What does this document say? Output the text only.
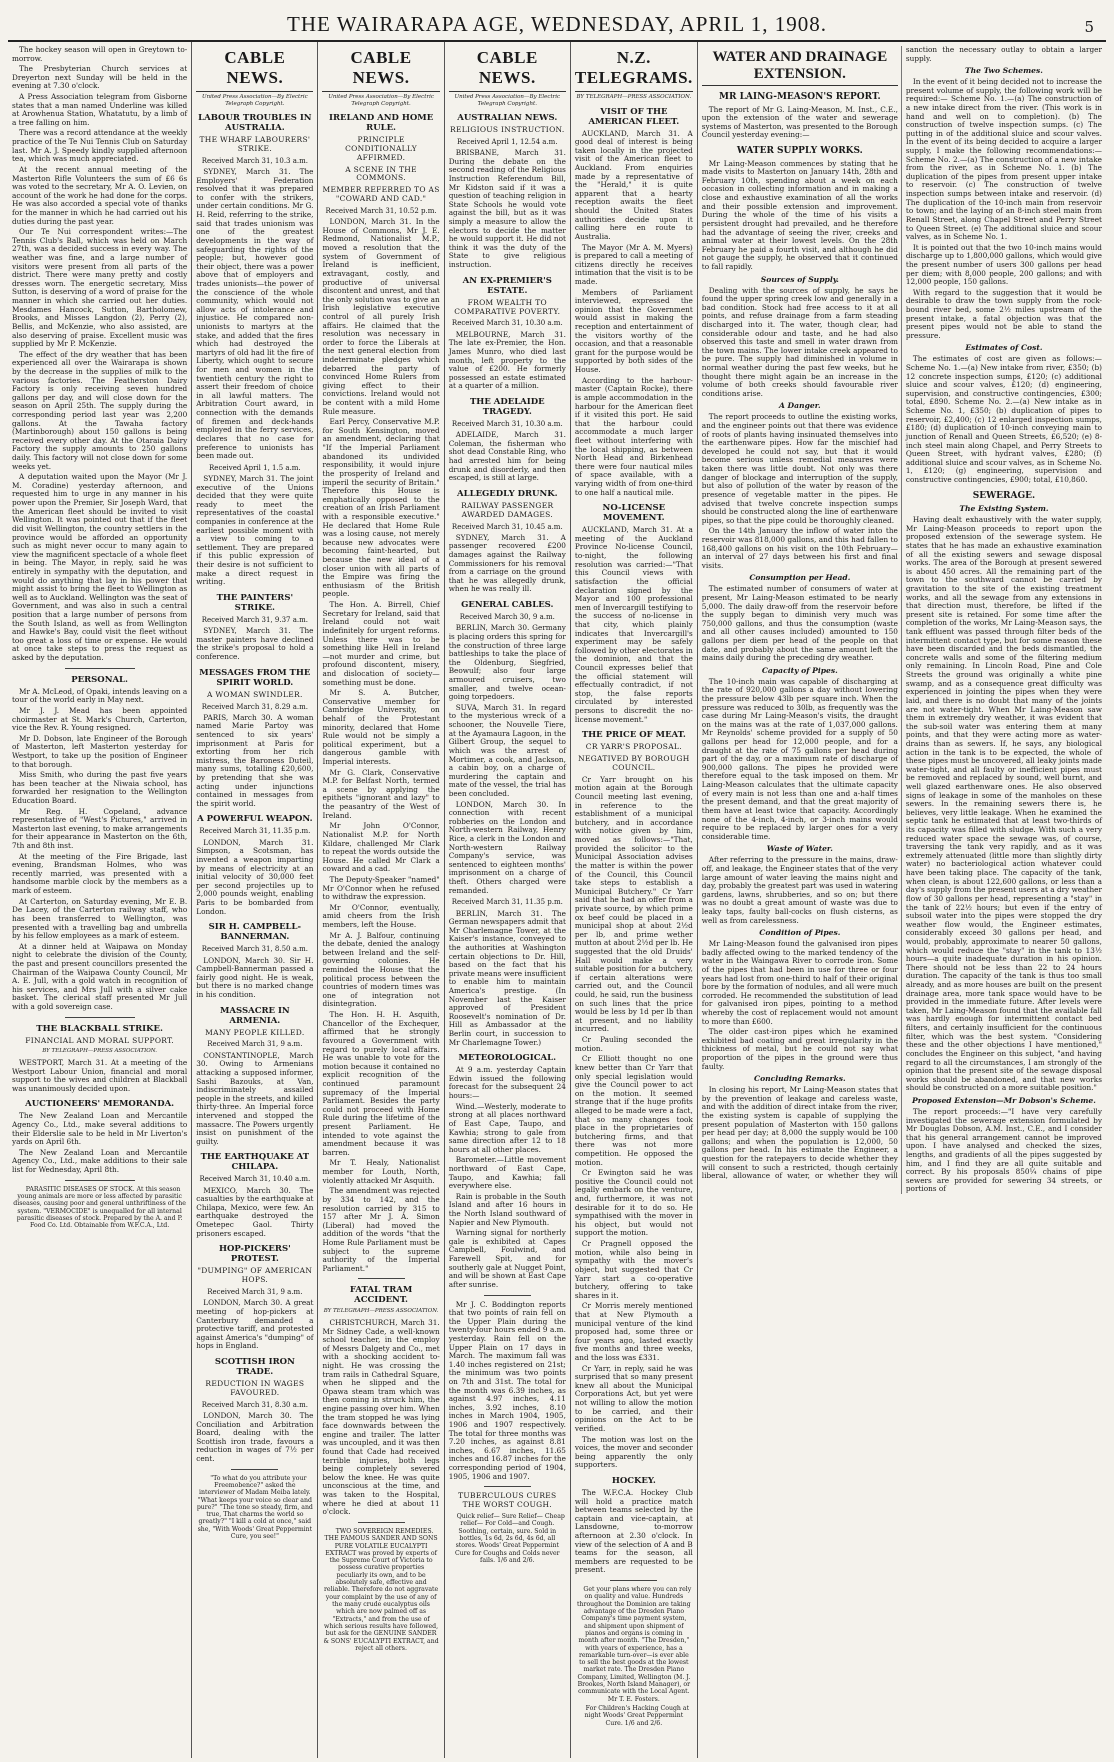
THE WAIRARAPA AGE, WEDNESDAY, APRIL 1, 1908.	5

The hockey season will open in Greytown to-morrow.

The Presbyterian Church services at Dreyerton next Sunday will be held in the evening at 7.30 o'clock.

A Press Association telegram from Gisborne states that a man named Underline was killed at Arowhenua Station, Whatatutu, by a limb of a tree falling on him.

There was a record attendance at the weekly practice of the Te Nui Tennis Club on Saturday last. Mr A. J. Speedy kindly supplied afternoon tea, which was much appreciated.

At the recent annual meeting of the Masterton Rifle Volunteers the sum of £6 6s was voted to the secretary, Mr A. O. Levien, on account of the work he had done for the corps. He was also accorded a special vote of thanks for the manner in which he had carried out his duties during the past year.

Our Te Nui correspondent writes:—The Tennis Club's Ball, which was held on March 27th, was a decided success in every way. The weather was fine, and a large number of visitors were present from all parts of the district. There were many pretty and costly dresses worn. The energetic secretary, Miss Sutton, is deserving of a word of praise for the manner in which she carried out her duties. Mesdames Hancock, Sutton, Bartholomew, Brooks, and Misses Langdon (2), Perry (2), Bellis, and McKenzie, who also assisted, are also deserving of praise. Excellent music was supplied by Mr P. McKenzie.

The effect of the dry weather that has been experienced all over the Wairarapa is shown by the decrease in the supplies of milk to the various factories. The Featherston Dairy Factory is only receiving seven hundred gallons per day, and will close down for the season on April 25th. The supply during the corresponding period last year was 2,200 gallons. At the Tawaha factory (Martinborough) about 150 gallons is being received every other day. At the Otaraia Dairy Factory the supply amounts to 250 gallons daily. This factory will not close down for some weeks yet.

A deputation waited upon the Mayor (Mr J. M. Coradine) yesterday afternoon, and requested him to urge in any manner in his power upon the Premier, Sir Joseph Ward, that the American fleet should be invited to visit Wellington. It was pointed out that if the fleet did visit Wellington, the country settlers in the province would be afforded an opportunity such as might never occur to many again to view the magnificent spectacle of a whole fleet in being. The Mayor, in reply, said he was entirely in sympathy with the deputation, and would do anything that lay in his power that might assist to bring the fleet to Wellington as well as to Auckland. Wellington was the seat of Government, and was also in such a central position that a large number of persons from the South Island, as well as from Wellington and Hawke's Bay, could visit the fleet without too great a loss of time or expense. He would at once take steps to press the request as asked by the deputation.

PERSONAL.

Mr A. McLeod, of Opaki, intends leaving on a tour of the world early in May next.

Mr J. J. Mead has been appointed choirmaster at St. Mark's Church, Carterton, vice the Rev. R. Young resigned.

Mr D. Dobson, late Engineer of the Borough of Masterton, left Masterton yesterday for Westport, to take up the position of Engineer to that borough.

Miss Smith, who during the past five years has been teacher at the Niwaia school, has forwarded her resignation to the Wellington Education Board.

Mr Reg. H. Copeland, advance representative of "West's Pictures," arrived in Masterton last evening, to make arrangements for their appearance in Masterton on the 6th, 7th and 8th inst.

At the meeting of the Fire Brigade, last evening, Brandsman Holmes, who was recently married, was presented with a handsome marble clock by the members as a mark of esteem.

At Carterton, on Saturday evening, Mr E. B. De Lacey, of the Carterton railway staff, who has been transferred to Wellington, was presented with a travelling bag and umbrella by his fellow employees as a mark of esteem.

At a dinner held at Waipawa on Monday night to celebrate the division of the County, the past and present councillors presented the Chairman of the Waipawa County Council, Mr A. E. Jull, with a gold watch in recognition of his services, and Mrs Jull with a silver cake basket. The clerical staff presented Mr Jull with a gold sovereign case.

THE BLACKBALL STRIKE.
FINANCIAL AND MORAL SUPPORT.
BY TELEGRAPH—PRESS ASSOCIATION.

WESTPORT, March 31. At a meeting of the Westport Labour Union, financial and moral support to the wives and children at Blackball was unanimously decided upon.

AUCTIONEERS' MEMORANDA.

The New Zealand Loan and Mercantile Agency Co., Ltd., make several additions to their Elderslie sale to be held in Mr Liverton's yards on April 6th.

The New Zealand Loan and Mercantile Agency Co., Ltd., make additions to their sale list for Wednesday, April 8th.

PARASITIC DISEASES OF STOCK. At this season young animals are more or less affected by parasitic diseases, causing poor and general unthriftiness of the system. "VERMOCIDE" is unequalled for all internal parasitic diseases of stock. Prepared by the A. and P. Food Co. Ltd. Obtainable from W.F.C.A., Ltd.

CABLE NEWS.
United Press Association—By Electric Telegraph Copyright.
LABOUR TROUBLES IN AUSTRALIA.
THE WHARF LABOURERS' STRIKE.
Received March 31, 10.3 a.m.

SYDNEY, March 31. The Employers' Federation resolved that it was prepared to confer with the strikers, under certain conditions. Mr G. H. Reid, referring to the strike, said that trades unionism was one of the greatest developments in the way of safeguarding the rights of the people; but, however good their object, there was a power above that of employers and trades unionists—the power of the conscience of the whole community, which would not allow acts of intolerance and injustice. He compared non-unionists to martyrs at the stake, and added that the fires which had destroyed the martyrs of old had lit the fire of Liberty, which ought to secure for men and women in the twentieth century the right to assert their freedom of choice in all lawful matters. The Arbitration Court award, in connection with the demands of firemen and deck-hands employed in the ferry services, declares that no case for preference to unionists has been made out.

Received April 1, 1.5 a.m.

SYDNEY, March 31. The joint executive of the Unions decided that they were quite ready to meet the representatives of the coastal companies in conference at the earliest possible moment with a view to coming to a settlement. They are prepared if this public expression of their desire is not sufficient to make a direct request in writing.

THE PAINTERS' STRIKE.
Received March 31, 9.37 a.m.

SYDNEY, March 31. The master painters have declined the strike's proposal to hold a conference.

MESSAGES FROM THE SPIRIT WORLD.
A WOMAN SWINDLER.
Received March 31, 8.29 a.m.

PARIS, March 30. A woman named Marie Partoy was sentenced to six years' imprisonment at Paris for extorting from her rich mistress, the Baroness Duteil, many sums, totalling £20,600, by pretending that she was acting under injunctions contained in messages from the spirit world.

A POWERFUL WEAPON.
Received March 31, 11.35 p.m.

LONDON, March 31. Simpson, a Scotsman, has invented a weapon imparting by means of electricity at an initial velocity of 30,000 feet per second projectiles up to 2,000 pounds weight, enabling Paris to be bombarded from London.

SIR H. CAMPBELL-BANNERMAN.
Received March 31, 8.50 a.m.

LONDON, March 30. Sir H. Campbell-Bannerman passed a fairly good night. He is weak, but there is no marked change in his condition.

MASSACRE IN ARMENIA.
MANY PEOPLE KILLED.
Received March 31, 9 a.m.

CONSTANTINOPLE, March 30. Owing to Armenians attacking a supposed informer, Sashi Bazouks, at Van, indiscriminately assailed people in the streets, and killed thirty-three. An Imperial force intervened and stopped the massacre. The Powers urgently insist on punishment of the guilty.

THE EARTHQUAKE AT CHILAPA.
Received March 31, 10.40 a.m.

MEXICO, March 30. The casualties by the earthquake at Chilapa, Mexico, were few. An earthquake destroyed the Ometepec Gaol. Thirty prisoners escaped.

HOP-PICKERS' PROTEST.
"DUMPING" OF AMERICAN HOPS.
Received March 31, 9 a.m.

LONDON, March 30. A great meeting of hop-pickers at Canterbury demanded a protective tariff, and protested against America's "dumping" of hops in England.

SCOTTISH IRON TRADE.
REDUCTION IN WAGES FAVOURED.
Received March 31, 8.30 a.m.

LONDON, March 30. The Conciliation and Arbitration Board, dealing with the Scottish iron trade, favours a reduction in wages of 7½ per cent.

"To what do you attribute your Freemobence?" asked the interviewer of Madam Meiba lately. "What keeps your voice so clear and pure?" "The tone so steady, firm, and true, That charms the world so greatly?" "I kill a cold at once," said she, "With Woods' Great Peppermint Cure, you see!"

CABLE NEWS.
United Press Association—By Electric Telegraph Copyright.
IRELAND AND HOME RULE.
PRINCIPLE CONDITIONALLY AFFIRMED.
A SCENE IN THE COMMONS.
MEMBER REFERRED TO AS "COWARD AND CAD."
Received March 31, 10.52 p.m.

LONDON, March 31. In the House of Commons, Mr J. E. Redmond, Nationalist M.P., moved a resolution that the system of Government of Ireland is inefficient, extravagant, costly, and productive of universal discontent and unrest, and that the only solution was to give an Irish legislative executive control of all purely Irish affairs. He claimed that the resolution was necessary in order to force the Liberals at the next general election from indeterminate pledges which debarred the party of convinced Home Rulers from giving effect to their convictions. Ireland would not be content with a mild Home Rule measure.

Earl Percy, Conservative M.P. for South Kensington, moved an amendment, declaring that "If the Imperial Parliament abandoned its undivided responsibility, it would injure the prosperity of Ireland and imperil the security of Britain." Therefore this House is emphatically opposed to the creation of an Irish Parliament with a responsible executive." He declared that Home Rule was a losing cause, not merely because new advocates were becoming faint-hearted, but because the new ideal of a closer union with all parts of the Empire was firing the enthusiasm of the British people.

The Hon. A. Birrell, Chief Secretary for Ireland, said that Ireland could not wait indefinitely for urgent reforms. Unless there was to be something like Hell in Ireland—not murder and crime, but profound discontent, misery, and dislocation of society—something must be done.

Mr S. A. Butcher, Conservative member for Cambridge University, on behalf of the Protestant minority, declared that Home Rule would not be simply a political experiment, but a dangerous gamble with Imperial interests.

Mr G. Clark, Conservative M.P. for Belfast North, termed a scene by applying the epithets "ignorant and lazy" to the peasantry of the West of Ireland.

Mr John O'Connor, Nationalist M.P. for North Kildare, challenged Mr Clark to repeat the words outside the House. He called Mr Clark a coward and a cad.

The Deputy-Speaker "named" Mr O'Connor when he refused to withdraw the expression.

Mr O'Connor, eventually, amid cheers from the Irish members, left the House.

Mr A. J. Balfour, continuing the debate, denied the analogy between Ireland and the self-governing colonies. He reminded the House that the political process between the countries of modern times was one of integration not disintegration.

The Hon. H. H. Asquith, Chancellor of the Exchequer, affirmed that he strongly favoured a Government with regard to purely local affairs. He was unable to vote for the motion because it contained no explicit recognition of the continued paramount supremacy of the Imperial Parliament. Besides the party could not proceed with Home Rule during the lifetime of the present Parliament. He intended to vote against the amendment because it was barren.

Mr T. Healy, Nationalist member for Louth, North, violently attacked Mr Asquith.

The amendment was rejected by 334 to 142, and the resolution carried by 315 to 157 after Mr J. A. Simon (Liberal) had moved the addition of the words "that the Home Rule Parliament must be subject to the supreme authority of the Imperial Parliament."

FATAL TRAM ACCIDENT.
BY TELEGRAPH—PRESS ASSOCIATION.

CHRISTCHURCH, March 31. Mr Sidney Cade, a well-known school teacher, in the employ of Messrs Dalgety and Co., met with a shocking accident to-night. He was crossing the tram rails in Cathedral Square, when he slipped and the Opawa steam tram which was then coming in struck him, the engine passing over him. When the tram stopped he was lying face downwards between the engine and trailer. The latter was uncoupled, and it was then found that Cade had received terrible injuries, both legs being completely severed below the knee. He was quite unconscious at the time, and was taken to the Hospital, where he died at about 11 o'clock.

TWO SOVEREIGN REMEDIES. THE FAMOUS SANDER AND SONS PURE VOLATILE EUCALYPTI EXTRACT was proved by experts of the Supreme Court of Victoria to possess curative properties peculiarly its own, and to be absolutely safe, effective and reliable. Therefore do not aggravate your complaint by the use of any of the many crude eucalyptus oils which are now palmed off as "Extracts," and from the use of which serious results have followed, but ask for the GENUINE SANDER & SONS' EUCALYPTI EXTRACT, and reject all others.

CABLE NEWS.
United Press Association—By Electric Telegraph Copyright.
AUSTRALIAN NEWS.
RELIGIOUS INSTRUCTION.
Received April 1, 12.54 a.m.

BRISBANE, March 31. During the debate on the second reading of the Religious Instruction Referendum Bill, Mr Kidston said if it was a question of teaching religion in State Schools he would vote against the bill, but as it was simply a measure to allow the electors to decide the matter he would support it. He did not think it was the duty of the State to give religious instruction.

AN EX-PREMIER'S ESTATE.
FROM WEALTH TO COMPARATIVE POVERTY.
Received March 31, 10.30 a.m.

MELBOURNE, March 31. The late ex-Premier, the Hon. James Munro, who died last month, left property to the value of £200. He formerly possessed an estate estimated at a quarter of a million.

THE ADELAIDE TRAGEDY.
Received March 31, 10.30 a.m.

ADELAIDE, March 31. Coleman, the fisherman who shot dead Constable Ring, who had arrested him for being drunk and disorderly, and then escaped, is still at large.

ALLEGEDLY DRUNK.
RAILWAY PASSENGER AWARDED DAMAGES.
Received March 31, 10.45 a.m.

SYDNEY, March 31. A passenger recovered £200 damages against the Railway Commissioners for his removal from a carriage on the ground that he was allegedly drunk, when he was really ill.

GENERAL CABLES.
Received March 30, 9 a.m.

BERLIN, March 30. Germany is placing orders this spring for the construction of three large battleships to take the place of the Oldenburg, Siegfried, Beowulf; also four large armoured cruisers, two smaller, and twelve ocean-going torpedoers.

SUVA, March 31. In regard to the mysterious wreck of a schooner, the Nouvelle Tiere, at the Ayamaura Lagoon, in the Gilbert Group, the sequel to which was the arrest of Mortimer, a cook, and Jackson, a cabin boy, on a charge of murdering the captain and mate of the vessel, the trial has been concluded.

LONDON, March 30. In connection with recent robberies on the London and North-western Railway, Henry Rice, a clerk in the London and North-western Railway Company's service, was sentenced to eighteen months' imprisonment on a charge of theft. Others charged were remanded.

Received March 31, 11.35 p.m.

BERLIN, March 31. The German newspapers admit that Mr Charlemagne Tower, at the Kaiser's instance, conveyed to the authorities at Washington certain objections to Dr. Hill, based on the fact that his private means were insufficient to enable him to maintain America's prestige. (In November last the Kaiser approved of President Roosevelt's nomination of Dr. Hill as Ambassador at the Berlin court, in succession to Mr Charlemagne Tower.)

METEOROLOGICAL.

At 9 a.m. yesterday Captain Edwin issued the following forecast for the subsequent 24 hours:—

Wind.—Westerly, moderate to strong at all places northward of East Cape, Taupo, and Kawhia; strong to gale from same direction after 12 to 18 hours at all other places.

Barometer.—Little movement northward of East Cape, Taupo, and Kawhia; fall everywhere else.

Rain is probable in the South Island and after 16 hours in the North Island southward of Napier and New Plymouth.

Warning signal for northerly gale is exhibited at Capes Campbell, Foulwind, and Farewell Spit, and for southerly gale at Nugget Point, and will be shown at East Cape after sunrise.

Mr J. C. Boddington reports that two points of rain fell on the Upper Plain during the twenty-four hours ended 9 a.m. yesterday. Rain fell on the Upper Plain on 17 days in March. The maximum fall was 1.40 inches registered on 21st; the minimum was two points on 7th and 31st. The total for the month was 6.39 inches, as against 4.97 inches, 4.11 inches, 3.92 inches, 8.10 inches in March 1904, 1905, 1906 and 1907 respectively. The total for three months was 7.20 inches, as against 8.81 inches, 6.67 inches, 11.65 inches and 16.87 inches for the corresponding period of 1904, 1905, 1906 and 1907.

TUBERCULOUS CURES THE WORST COUGH.

Quick relief— Sure Relief— Cheap relief— For Cold—and Cough. Soothing, certain, sure. Sold in bottles, 1s 6d, 2s 6d, 4s 6d, all stores. Woods' Great Peppermint Cure for Coughs and Colds never fails. 1/6 and 2/6.

N.Z. TELEGRAMS.
BY TELEGRAPH—PRESS ASSOCIATION.
VISIT OF THE AMERICAN FLEET.

AUCKLAND, March 31. A good deal of interest is being taken locally in the projected visit of the American fleet to Auckland. From enquiries made by a representative of the "Herald," it is quite apparent that a hearty reception awaits the fleet should the United States authorities decide upon it calling here en route to Australia.

The Mayor (Mr A. M. Myers) is prepared to call a meeting of citizens directly he receives intimation that the visit is to be made.

Members of Parliament interviewed, expressed the opinion that the Government would assist in making the reception and entertainment of the visitors worthy of the occasion, and that a reasonable grant for the purpose would be supported by both sides of the House.

According to the harbour-master (Captain Rocke), there is ample accommodation in the harbour for the American fleet if it visited this port. He said that the harbour could accommodate a much larger fleet without interfering with the local shipping, as between North Head and Birkenhead there were four nautical miles of space available, with a varying width of from one-third to one half a nautical mile.

NO-LICENSE MOVEMENT.

AUCKLAND, March 31. At a meeting of the Auckland Province No-license Council, to-night, the following resolution was carried:—"That this Council views with satisfaction the official declaration signed by the Mayor and 100 professional men of Invercargill testifying to the success of no-license in that city, which plainly indicates that Invercargill's experiment may be safely followed by other electorates in the dominion, and that the Council expresses belief that the official statement will effectually contradict, if not stop, the false reports circulated by interested persons to discredit the no-license movement."

THE PRICE OF MEAT.
CR YARR'S PROPOSAL.
NEGATIVED BY BOROUGH COUNCIL.

Cr Yarr brought on his motion again at the Borough Council meeting last evening, in reference to the establishment of a municipal butchery, and in accordance with notice given by him, moved as follows:—"That, provided the solicitor to the Municipal Association advises the matter is within the power of the Council, this Council take steps to establish a Municipal Butchery." Cr Yarr said that he had an offer from a private source, by which prime ox beef could be placed in a municipal shop at about 2½d per lb, and prime wether mutton at about 2½d per lb. He suggested that the old Druids' Hall would make a very suitable position for a butchery, if certain alterations were carried out, and the Council could, he said, run the business on such lines that the price would be less by 1d per lb than at present, and no liability incurred.

Cr Pauling seconded the motion.

Cr Elliott thought no one knew better than Cr Yarr that only special legislation would give the Council power to act on the motion. It seemed strange that if the huge profits alleged to be made were a fact, that so many changes took place in the proprietaries of butchering firms, and that there was not more competition. He opposed the motion.

Cr Ewington said he was positive the Council could not legally embark on the venture, and, furthermore, it was not desirable for it to do so. He sympathised with the mover in his object, but would not support the motion.

Cr Pragnell opposed the motion, while also being in sympathy with the mover's object, but suggested that Cr Yarr start a co-operative butchery, offering to take shares in it.

Cr Morris merely mentioned that at New Plymouth a municipal venture of the kind proposed had, some three or four years ago, lasted exactly five months and three weeks, and the loss was £331.

Cr Yarr, in reply, said he was surprised that so many present knew all about the Municipal Corporations Act, but yet were not willing to allow the motion to be carried, and their opinions on the Act to be verified.

The motion was lost on the voices, the mover and seconder being apparently the only supporters.

HOCKEY.

The W.F.C.A. Hockey Club will hold a practice match between teams selected by the captain and vice-captain, at Lansdowne, to-morrow afternoon at 2.30 o'clock. In view of the selection of A and B teams for the season, all members are requested to be present.

Get your plans where you can rely on quality and value. Hundreds throughout the Dominion are taking advantage of the Dresden Piano Company's time payment system, and shipment upon shipment of pianos and organs is coming in month after month. "The Dresden," with years of experience, has a remarkable turn-over—is ever able to sell the best goods at the lowest market rate. The Dresden Piano Company, Limited, Wellington (M. J. Brookes, North Island Manager), or communicate with the Local Agent. Mr T. E. Fosters.

For Children's Hacking Cough at night Woods' Great Peppermint Cure. 1/6 and 2/6.

WATER AND DRAINAGE EXTENSION.
MR LAING-MEASON'S REPORT.

The report of Mr G. Laing-Meason, M. Inst., C.E., upon the extension of the water and sewerage systems of Masterton, was presented to the Borough Council yesterday evening:—

WATER SUPPLY WORKS.

Mr Laing-Meason commences by stating that he made visits to Masterton on January 14th, 28th and February 10th, spending about a week on each occasion in collecting information and in making a close and exhaustive examination of all the works and their possible extension and improvement. During the whole of the time of his visits a persistent drought had prevailed, and he therefore had the advantage of seeing the river, creeks and animal water at their lowest levels. On the 28th February he paid a fourth visit, and although he did not gauge the supply, he observed that it continued to fall rapidly.

Sources of Supply.

Dealing with the sources of supply, he says he found the upper spring creek low and generally in a bad condition. Stock had free access to it at all points, and refuse drainage from a farm steading discharged into it. The water, though clear, had considerable odour and taste, and he had also observed this taste and smell in water drawn from the town mains. The lower intake creek appeared to be pure. The supply had diminished in volume in normal weather during the past few weeks, but he thought there might again be an increase in the volume of both creeks should favourable river conditions arise.

A Danger.

The report proceeds to outline the existing works, and the engineer points out that there was evidence of roots of plants having insinuated themselves into the earthenware pipes. How far the mischief had developed he could not say, but that it would become serious unless remedial measures were taken there was little doubt. Not only was there danger of blockage and interruption of the supply, but also of pollution of the water by reason of the presence of vegetable matter in the pipes. He advised that twelve concrete inspection sumps should be constructed along the line of earthenware pipes, so that the pipe could be thoroughly cleaned.

On the 14th January the inflow of water into the reservoir was 818,000 gallons, and this had fallen to 168,400 gallons on his visit on the 10th February—an interval of 27 days between his first and final visits.

Consumption per Head.

The estimated number of consumers of water at present, Mr Laing-Meason estimated to be nearly 5,000. The daily draw-off from the reservoir before the supply began to diminish very much was 750,000 gallons, and thus the consumption (waste and all other causes included) amounted to 150 gallons per diem per head of the people on that date, and probably about the same amount left the mains daily during the preceding dry weather.

Capacity of Pipes.

The 10-inch main was capable of discharging at the rate of 920,000 gallons a day without lowering the pressure below 43lb per square inch. When the pressure was reduced to 30lb, as frequently was the case during Mr Laing-Meason's visits, the draught on the mains was at the rate of 1,037,000 gallons. Mr Reynolds' scheme provided for a supply of 50 gallons per head for 12,000 people, and for a draught at the rate of 75 gallons per head during part of the day, or a maximum rate of discharge of 900,000 gallons. The pipes he provided were therefore equal to the task imposed on them. Mr Laing-Meason calculates that the ultimate capacity of every main is not less than one and a-half times the present demand, and that the great majority of them have at least twice that capacity. Accordingly none of the 4-inch, 4-inch, or 3-inch mains would require to be replaced by larger ones for a very considerable time.

Waste of Water.

After referring to the pressure in the mains, draw-off, and leakage, the Engineer states that of the very large amount of water leaving the mains night and day, probably the greatest part was used in watering gardens, lawns, shrubberies, and so on; but there was no doubt a great amount of waste was due to leaky taps, faulty ball-cocks on flush cisterns, as well as from carelessness.

Condition of Pipes.

Mr Laing-Meason found the galvanised iron pipes badly affected owing to the marked tendency of the water in the Waingawa River to corrode iron. Some of the pipes that had been in use for three or four years had lost from one-third to half of their original bore by the formation of nodules, and all were much corroded. He recommended the substitution of lead for galvanised iron pipes, pointing to a method whereby the cost of replacement would not amount to more than £600.

The older cast-iron pipes which he examined exhibited bad coating and great irregularity in the thickness of metal, but he could not say what proportion of the pipes in the ground were thus faulty.

Concluding Remarks.

In closing his report, Mr Laing-Meason states that by the prevention of leakage and careless waste, and with the addition of direct intake from the river, the existing system is capable of supplying the present population of Masterton with 150 gallons per head per day; at 8,000 the supply would be 100 gallons; and when the population is 12,000, 50 gallons per head. In his estimate the Engineer, a question for the ratepayers to decide whether they will consent to such a restricted, though certainly liberal, allowance of water, or whether they will sanction the necessary outlay to obtain a larger supply.

The Two Schemes.

In the event of it being decided not to increase the present volume of supply, the following work will be required:— Scheme No. 1.—(a) The construction of a new intake direct from the river. (This work is in hand and well on to completion). (b) The construction of twelve inspection sumps. (c) The putting in of the additional sluice and scour valves. In the event of its being decided to acquire a larger supply, I make the following recommendations:— Scheme No. 2.—(a) The construction of a new intake from the river, as in Scheme No. 1. (b) The duplication of the pipes from present upper intake to reservoir. (c) The construction of twelve inspection sumps between intake and reservoir. (d) The duplication of the 10-inch main from reservoir to town; and the laying of an 8-inch steel main from Renall Street, along Chapel Street and Perry Street to Queen Street. (e) The additional sluice and scour valves, as in Scheme No. 1.

It is pointed out that the two 10-inch mains would discharge up to 1,800,000 gallons, which would give the present number of users 300 gallons per head per diem; with 8,000 people, 200 gallons; and with 12,000 people, 150 gallons.

With regard to the suggestion that it would be desirable to draw the town supply from the rock-bound river bed, some 2½ miles upstream of the present intake, a fatal objection was that the present pipes would not be able to stand the pressure.

Estimates of Cost.

The estimates of cost are given as follows:— Scheme No. 1.—(a) New intake from river, £350; (b) 12 concrete inspection sumps, £120; (c) additional sluice and scour valves, £120; (d) engineering, supervision, and constructive contingencies, £300; total, £890. Scheme No. 2.—(a) New intake as in Scheme No. 1, £350; (b) duplication of pipes to reservoir, £2,400; (c) 12 enlarged inspection sumps, £180; (d) duplication of 10-inch conveying main to junction of Renall and Queen Streets, £6,520; (e) 8-inch steel main along Chapel, and Perry Streets to Queen Street, with hydrant valves, £280; (f) additional sluice and scour valves, as in Scheme No. 1, £120; (g) engineering, supervision and constructive contingencies, £900; total, £10,860.

SEWERAGE.
The Existing System.

Having dealt exhaustively with the water supply, Mr Laing-Meason proceeds to report upon the proposed extension of the sewerage system. He states that he has made an exhaustive examination of all the existing sewers and sewage disposal works. The area of the Borough at present sewered is about 450 acres. All the remaining part of the town to the southward cannot be carried by gravitation to the site of the existing treatment works, and all the sewage from any extensions in that direction must, therefore, be lifted if the present site is retained. For some time after the completion of the works, Mr Laing-Meason says, the tank effluent was passed through filter beds of the intermittent contact type, but for some reason these have been discarded and the beds dismantled, the concrete walls and some of the filtering medium only remaining. In Lincoln Road, Pine and Cole Streets the ground was originally a white pine swamp, and as a consequence great difficulty was experienced in jointing the pipes when they were laid, and there is no doubt that many of the joints are not water-tight. When Mr Laing-Meason saw them in extremely dry weather, it was evident that the sub-soil water was entering them at many points, and that they were acting more as water-drains than as sewers. If, he says, any biological action in the tank is to be expected, the whole of these pipes must be uncovered, all leaky joints made water-tight, and all faulty or inefficient pipes must be removed and replaced by sound, well burnt, and well glazed earthenware ones. He also observed signs of leakage in some of the manholes on these sewers. In the remaining sewers there is, he believes, very little leakage. When he examined the septic tank he estimated that at least two-thirds of its capacity was filled with sludge. With such a very reduced water space the sewage was, of course, traversing the tank very rapidly, and as it was extremely attenuated (little more than slightly dirty water) no bacteriological action whatever could have been taking place. The capacity of the tank, when clean, is about 122,600 gallons, or less than a day's supply from the present users at a dry weather flow of 30 gallons per head, representing a "stay" in the tank of 22½ hours; but even if the entry of subsoil water into the pipes were stopped the dry weather flow would, the Engineer estimates, considerably exceed 30 gallons per head, and would, probably, approximate to nearer 50 gallons, which would reduce the "stay" in the tank to 13½ hours—a quite inadequate duration in his opinion. There should not be less than 22 to 24 hours duration. The capacity of the tank is thus too small already, and as more houses are built on the present drainage area, more tank space would have to be provided in the immediate future. After levels were taken, Mr Laing-Meason found that the available fall was hardly enough for intermittent contact bed filters, and certainly insufficient for the continuous filter, which was the best system. "Considering these and the other objections I have mentioned," concludes the Engineer on this subject, "and having regard to all the circumstances, I am strongly of the opinion that the present site of the sewage disposal works should be abandoned, and that new works should be constructed on a more suitable position."

Proposed Extension—Mr Dobson's Scheme.

The report proceeds:—"I have very carefully investigated the sewerage extension formulated by Mr Douglas Dobson, A.M. Inst., C.E., and I consider that his general arrangement cannot be improved upon. I have analysed and checked the sizes, lengths, and gradients of all the pipes suggested by him, and I find they are all quite suitable and correct. By his proposals 850¼ chains of pipe sewers are provided for sewering 34 streets, or portions of
